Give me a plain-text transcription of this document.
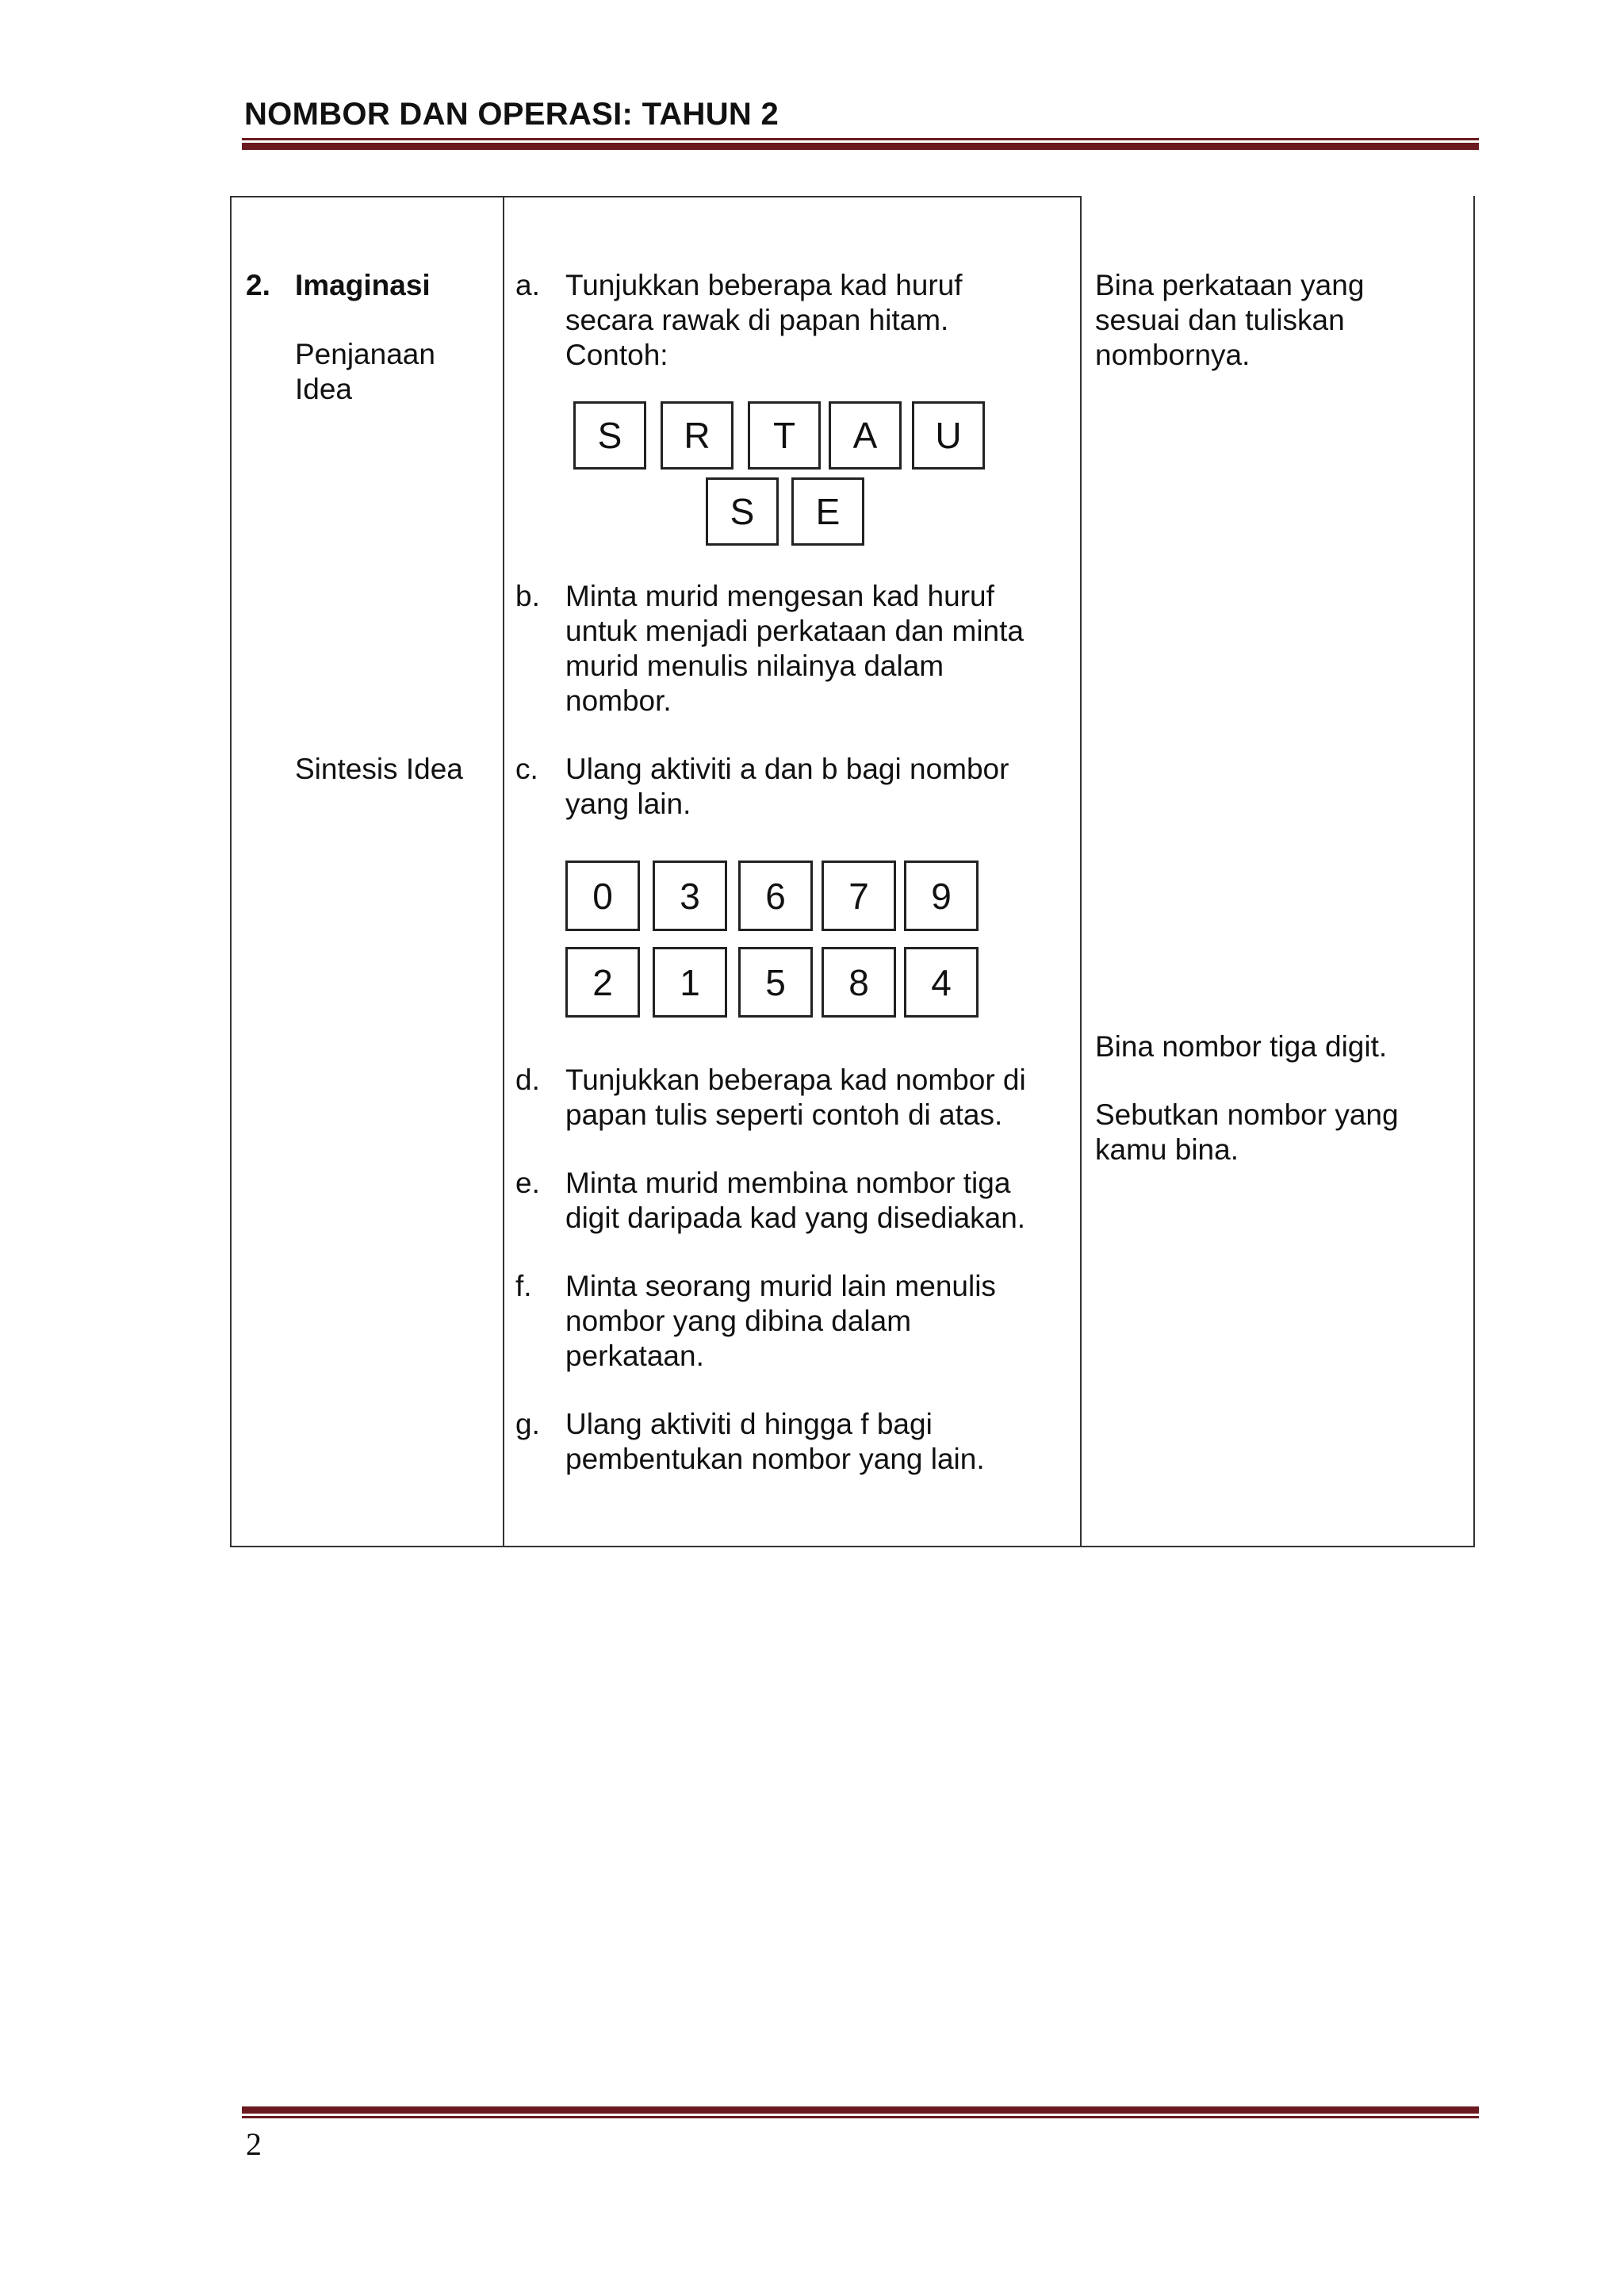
NOMBOR DAN OPERASI: TAHUN 2
2. Imaginasi
Penjanaan
Idea
Sintesis Idea
a. Tunjukkan beberapa kad huruf
secara rawak di papan hitam.
Contoh:
S	R	T	A	U
S	E
b. Minta murid mengesan kad huruf
untuk menjadi perkataan dan minta
murid menulis nilainya dalam
nombor.
c. Ulang aktiviti a dan b bagi nombor
yang lain.
0	3	6	7	9
2	1	5	8	4
d. Tunjukkan beberapa kad nombor di
papan tulis seperti contoh di atas.
e. Minta murid membina nombor tiga
digit daripada kad yang disediakan.
f. Minta seorang murid lain menulis
nombor yang dibina dalam
perkataan.
g. Ulang aktiviti d hingga f bagi
pembentukan nombor yang lain.
Bina perkataan yang
sesuai dan tuliskan
nombornya.
Bina nombor tiga digit.
Sebutkan nombor yang
kamu bina.
2
